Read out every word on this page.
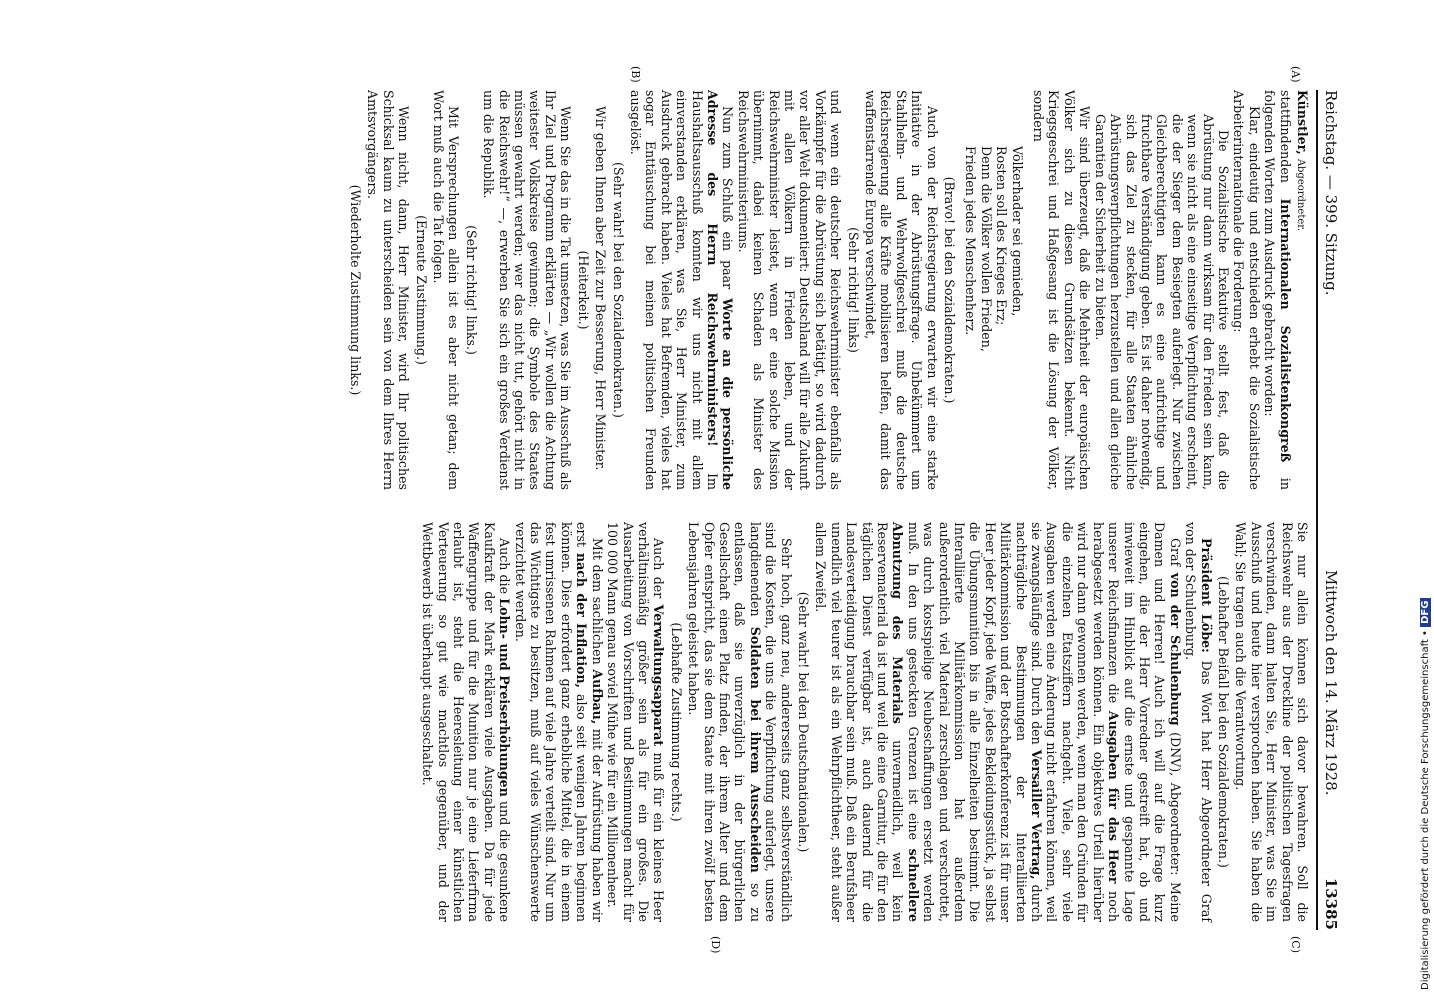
Reichstag. — 399. Sitzung.
Mittwoch den 14. März 1928.
13385
(A)
(B)
(C)
(D)

Künstler, Abgeordneter.
stattfindenden Internationalen Sozialistenkongreß in folgenden Worten zum Ausdruck gebracht worden:

Klar, eindeutig und entschieden erhebt die Sozialistische Arbeiterinternationale die Forderung:

Die Sozialistische Exekutive stellt fest, daß die Abrüstung nur dann wirksam für den Frieden sein kann, wenn sie nicht als eine einseitige Verpflichtung erscheint, die der Sieger dem Besiegten auferlegt. Nur zwischen Gleichberechtigten kann es eine aufrichtige und fruchtbare Verständigung geben. Es ist daher notwendig, sich das Ziel zu stecken, für alle Staaten ähnliche Abrüstungsverpflichtungen herzustellen und allen gleiche Garantien der Sicherheit zu bieten.

Wir sind überzeugt, daß die Mehrheit der europäischen Völker sich zu diesen Grundsätzen bekennt. Nicht Kriegsgeschrei und Haßgesang ist die Lösung der Völker, sondern

Völkerhader sei gemieden,

Rosten soll des Krieges Erz;

Denn die Völker wollen Frieden,

Frieden jedes Menschenherz.

(Bravo! bei den Sozialdemokraten.)

Auch von der Reichsregierung erwarten wir eine starke Initiative in der Abrüstungsfrage. Unbekümmert um Stahlhelm- und Wehrwolfgeschrei muß die deutsche Reichsregierung alle Kräfte mobilisieren helfen, damit das waffenstarrende Europa verschwindet,

(Sehr richtig! links)

und wenn ein deutscher Reichswehrminister ebenfalls als Vorkämpfer für die Abrüstung sich betätigt, so wird dadurch vor aller Welt dokumentiert: Deutschland will für alle Zukunft mit allen Völkern in Frieden leben, und der Reichswehrminister leistet, wenn er eine solche Mission übernimmt, dabei keinen Schaden als Minister des Reichswehrministeriums.

Nun zum Schluß ein paar Worte an die persönliche Adresse des Herrn Reichswehrministers! Im Haushaltsausschuß konnten wir uns nicht mit allem einverstanden erklären, was Sie, Herr Minister, zum Ausdruck gebracht haben. Vieles hat Befremden, vieles hat sogar Enttäuschung bei meinen politischen Freunden ausgelöst.

(Sehr wahr! bei den Sozialdemokraten.)

Wir geben Ihnen aber Zeit zur Besserung, Herr Minister.

(Heiterkeit.)

Wenn Sie das in die Tat umsetzen, was Sie im Ausschuß als Ihr Ziel und Programm erklärten — „Wir wollen die Achtung weitester Volkskreise gewinnen; die Symbole des Staates müssen gewahrt werden; wer das nicht tut, gehört nicht in die Reichswehr!“ —, erwerben Sie sich ein großes Verdienst um die Republik.

(Sehr richtig! links.)

Mit Versprechungen allein ist es aber nicht getan; dem Wort muß auch die Tat folgen.

(Erneute Zustimmung.)

Wenn nicht, dann, Herr Minister, wird Ihr politisches Schicksal kaum zu unterscheiden sein von dem Ihres Herrn Amtsvorgängers.

(Wiederholte Zustimmung links.)

Sie nur allein können sich davor bewahren. Soll die Reichswehr aus der Dreckline der politischen Tagesfragen verschwinden, dann halten Sie, Herr Minister, was Sie im Ausschuß und heute hier versprochen haben. Sie haben die Wahl; Sie tragen auch die Verantwortung.

(Lebhafter Beifall bei den Sozialdemokraten.)

Präsident Löbe: Das Wort hat Herr Abgeordneter Graf von der Schulenburg.

Graf von der Schulenburg (DNV), Abgeordneter: Meine Damen und Herren! Auch ich will auf die Frage kurz eingehen, die der Herr Vorredner gestreift hat, ob und inwieweit im Hinblick auf die ernste und gespannte Lage unserer Reichsfinanzen die Ausgaben für das Heer noch herabgesetzt werden können. Ein objektives Urteil hierüber wird nur dann gewonnen werden, wenn man den Gründen für die einzelnen Etatsziffern nachgeht. Viele, sehr viele Ausgaben werden eine Änderung nicht erfahren können, weil sie zwangsläufige sind. Durch den Versailler Vertrag, durch nachträgliche Bestimmungen der Interalliierten Militärkommission und der Botschafterkonferenz ist für unser Heer jeder Kopf, jede Waffe, jedes Bekleidungsstück, ja selbst die Übungsmunition bis in alle Einzelheiten bestimmt. Die Interalliierte Militärkommission hat außerdem außerordentlich viel Material zerschlagen und verschrottet, was durch kostspielige Neubeschaffungen ersetzt werden muß. In den uns gesteckten Grenzen ist eine schnellere Abnutzung des Materials unvermeidlich, weil kein Reservematerial da ist und weil die eine Garnitur, die für den täglichen Dienst verfügbar ist, auch dauernd für die Landesverteidigung brauchbar sein muß. Daß ein Berufsheer unendlich viel teurer ist als ein Wehrpflichtheer, steht außer allem Zweifel.

(Sehr wahr! bei den Deutschnationalen.)

Sehr hoch, ganz neu, andererseits ganz selbstverständlich sind die Kosten, die uns die Verpflichtung auferlegt, unsere langdienenden Soldaten bei ihrem Ausscheiden so zu entlassen, daß sie unverzüglich in der bürgerlichen Gesellschaft einen Platz finden, der ihrem Alter und dem Opfer entspricht, das sie dem Staate mit ihren zwölf besten Lebensjahren geleistet haben.

(Lebhafte Zustimmung rechts.)

Auch der Verwaltungsapparat muß für ein kleines Heer verhältnismäßig größer sein als für ein großes. Die Ausarbeitung von Vorschriften und Bestimmungen macht für 100 000 Mann genau soviel Mühe wie für ein Millionenheer.

Mit dem sachlichen Aufbau, mit der Aufrüstung haben wir erst nach der Inflation, also seit wenigen Jahren beginnen können. Dies erfordert ganz erhebliche Mittel, die in einem fest umrissenen Rahmen auf viele Jahre verteilt sind. Nur um das Wichtigste zu besitzen, muß auf vieles Wünschenswerte verzichtet werden.

Auch die Lohn- und Preiserhöhungen und die gesunkene Kaufkraft der Mark erklären viele Ausgaben. Da für jede Waffengruppe und für die Munition nur je eine Lieferfirma erlaubt ist, steht die Heeresleitung einer künstlichen Verteuerung so gut wie machtlos gegenüber, und der Wettbewerb ist überhaupt ausgeschaltet.	Digitalisierung gefördert durch die Deutsche Forschungsgemeinschaft • DFG
